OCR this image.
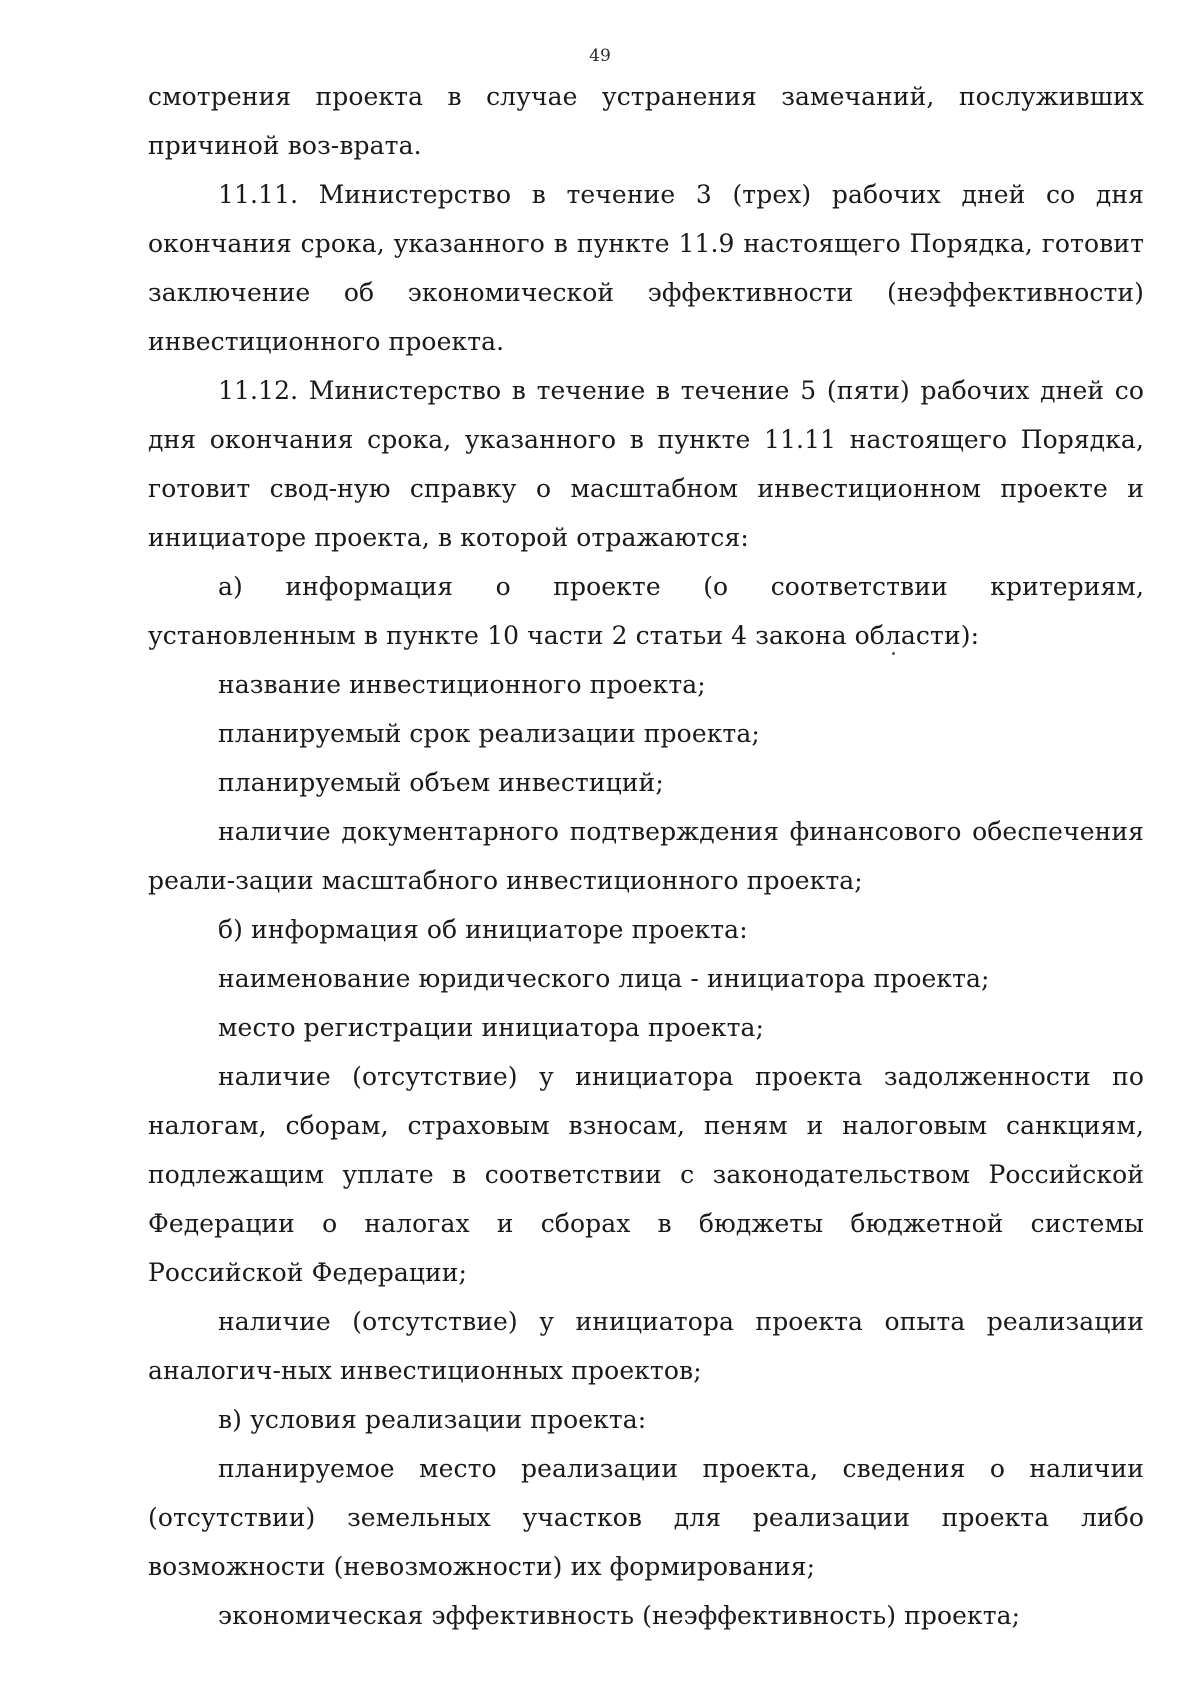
49

смотрения проекта в случае устранения замечаний, послуживших причиной воз-врата.

11.11. Министерство в течение 3 (трех) рабочих дней со дня окончания срока, указанного в пункте 11.9 настоящего Порядка, готовит заключение об экономической эффективности (неэффективности) инвестиционного проекта.

11.12. Министерство в течение в течение 5 (пяти) рабочих дней со дня окончания срока, указанного в пункте 11.11 настоящего Порядка, готовит свод-ную справку о масштабном инвестиционном проекте и инициаторе проекта, в которой отражаются:

а) информация о проекте (о соответствии критериям, установленным в пункте 10 части 2 статьи 4 закона области):

название инвестиционного проекта;

планируемый срок реализации проекта;

планируемый объем инвестиций;

наличие документарного подтверждения финансового обеспечения реали-зации масштабного инвестиционного проекта;

б) информация об инициаторе проекта:

наименование юридического лица - инициатора проекта;

место регистрации инициатора проекта;

наличие (отсутствие) у инициатора проекта задолженности по налогам, сборам, страховым взносам, пеням и налоговым санкциям, подлежащим уплате в соответствии с законодательством Российской Федерации о налогах и сборах в бюджеты бюджетной системы Российской Федерации;

наличие (отсутствие) у инициатора проекта опыта реализации аналогич-ных инвестиционных проектов;

в) условия реализации проекта:

планируемое место реализации проекта, сведения о наличии (отсутствии) земельных участков для реализации проекта либо возможности (невозможности) их формирования;

экономическая эффективность (неэффективность) проекта;
